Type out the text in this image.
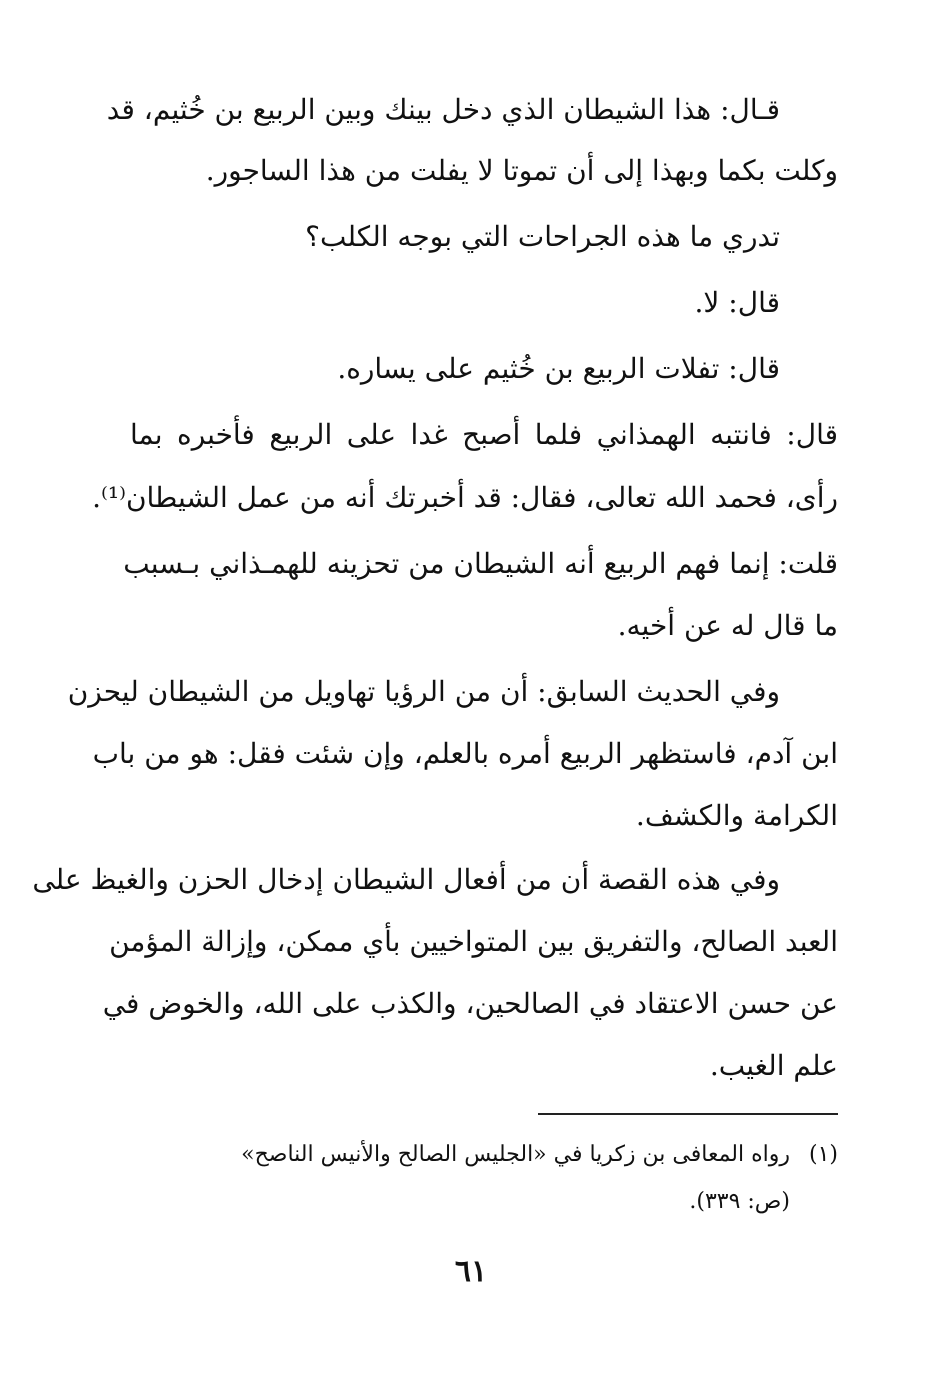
قـال: هذا الشيطان الذي دخل بينك وبين الربيع بن خُثيم، قد
وكلت بكما وبهذا إلى أن تموتا لا يفلت من هذا الساجور.
تدري ما هذه الجراحات التي بوجه الكلب؟
قال: لا.
قال: تفلات الربيع بن خُثيم على يساره.
قال: فانتبه الهمذاني فلما أصبح غدا على الربيع فأخبره بما
رأى، فحمد الله تعالى، فقال: قد أخبرتك أنه من عمل الشيطان⁽¹⁾.
قلت: إنما فهم الربيع أنه الشيطان من تحزينه للهمـذاني بـسبب
ما قال له عن أخيه.
وفي الحديث السابق: أن من الرؤيا تهاويل من الشيطان ليحزن
ابن آدم، فاستظهر الربيع أمره بالعلم، وإن شئت فقل: هو من باب
الكرامة والكشف.
وفي هذه القصة أن من أفعال الشيطان إدخال الحزن والغيظ على
العبد الصالح، والتفريق بين المتواخيين بأي ممكن، وإزالة المؤمن
عن حسن الاعتقاد في الصالحين، والكذب على الله، والخوض في
علم الغيب.
(١)رواه المعافى بن زكريا في «الجليس الصالح والأنيس الناصح»
(ص: ٣٣٩).
٦١
